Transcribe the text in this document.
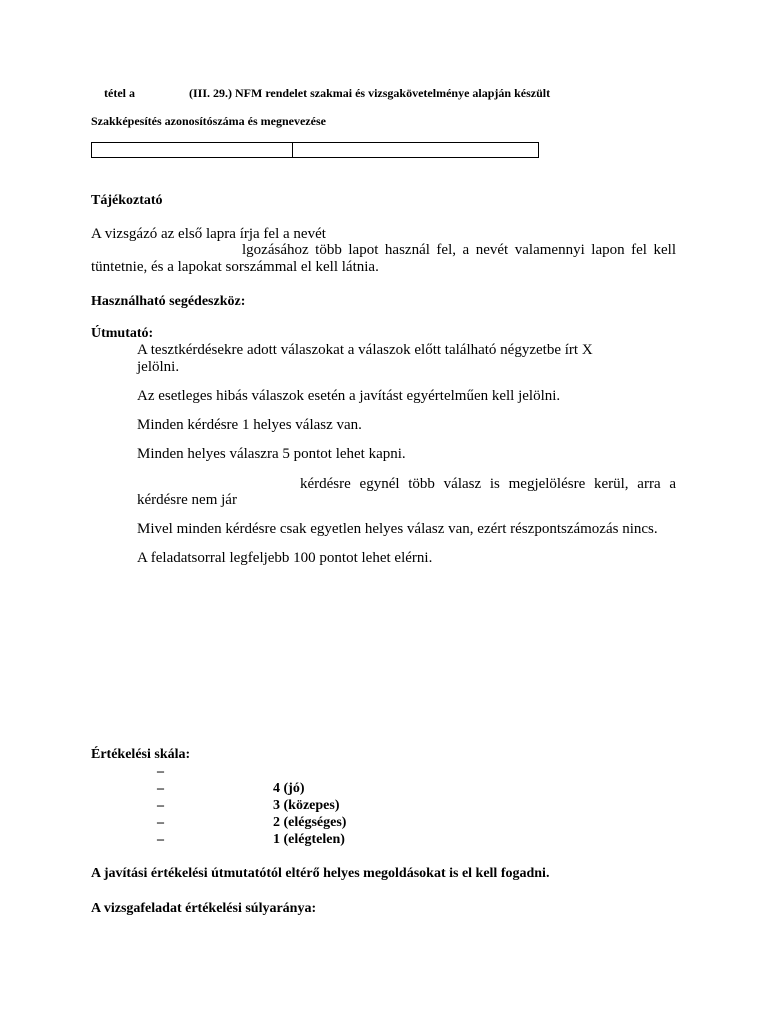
tétel a	(III. 29.) NFM rendelet szakmai és vizsgakövetelménye alapján készült
Szakképesítés azonosítószáma és megnevezése
Tájékoztató
A vizsgázó az első lapra írja fel a nevét
lgozásához több lapot használ fel, a nevét valamennyi lapon fel kell
tüntetnie, és a lapokat sorszámmal el kell látnia.
Használható segédeszköz:
Útmutató:
A tesztkérdésekre adott válaszokat a válaszok előtt található négyzetbe írt X
jelölni.
Az esetleges hibás válaszok esetén a javítást egyértelműen kell jelölni.
Minden kérdésre 1 helyes válasz van.
Minden helyes válaszra 5 pontot lehet kapni.
kérdésre egynél több válasz is megjelölésre kerül, arra a
kérdésre nem jár
Mivel minden kérdésre csak egyetlen helyes válasz van, ezért részpontszámozás nincs.
A feladatsorral legfeljebb 100 pontot lehet elérni.
Értékelési skála:
–
–	4 (jó)
–	3 (közepes)
–	2 (elégséges)
–	1 (elégtelen)
A javítási értékelési útmutatótól eltérő helyes megoldásokat is el kell fogadni.
A vizsgafeladat értékelési súlyaránya:
